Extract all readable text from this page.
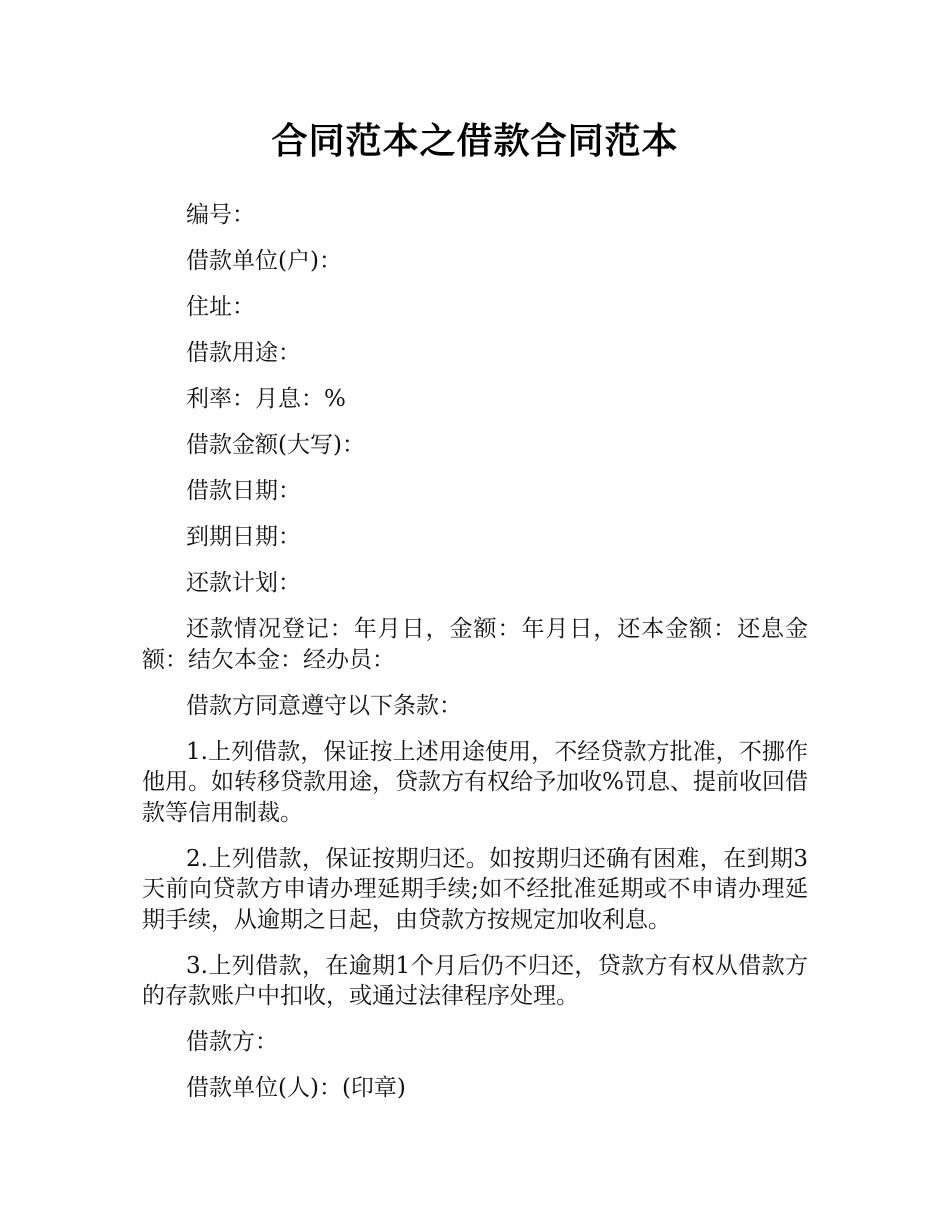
合同范本之借款合同范本

编号：

借款单位(户)：

住址：

借款用途：

利率：月息：%

借款金额(大写)：

借款日期：

到期日期：

还款计划：

还款情况登记：年月日，金额：年月日，还本金额：还息金额：结欠本金：经办员：

借款方同意遵守以下条款：

1.上列借款，保证按上述用途使用，不经贷款方批准，不挪作他用。如转移贷款用途，贷款方有权给予加收%罚息、提前收回借款等信用制裁。

2.上列借款，保证按期归还。如按期归还确有困难，在到期3天前向贷款方申请办理延期手续;如不经批准延期或不申请办理延期手续，从逾期之日起，由贷款方按规定加收利息。

3.上列借款，在逾期1个月后仍不归还，贷款方有权从借款方的存款账户中扣收，或通过法律程序处理。

借款方：

借款单位(人)：(印章)
